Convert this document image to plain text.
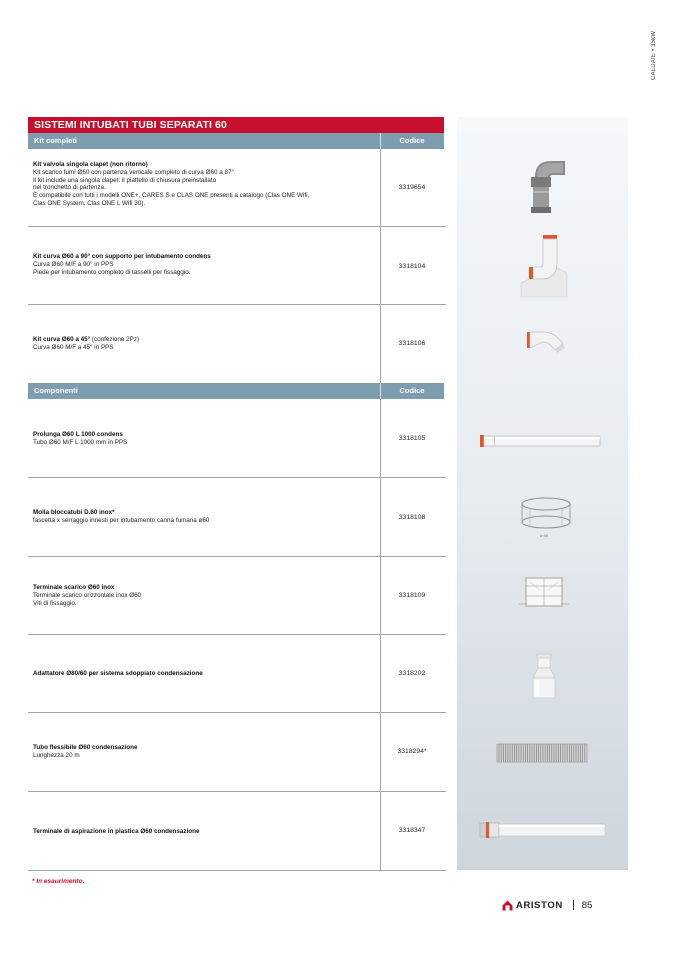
CALDAIE • 35kW
SISTEMI INTUBATI TUBI SEPARATI 60
Kit completi	Codice
Kit valvola singola clapet (non ritorno)
Kit scarico fumi Ø60 con partenza verticale completo di curva Ø60 a 87°.
Il kit include una singola clapet: il piattello di chiusura preinstallato
nel tronchetto di partenza.
È compatibile con tutti i modelli ONE+, CARES S e CLAS ONE presenti a catalogo (Clas ONE Wifi,
Clas ONE System, Clas ONE L Wifi 30).
3319654
Kit curva Ø60 a 90° con supporto per intubamento condens
Curva Ø60 M/F a 90° in PPS
Piede per intubamento completo di tasselli per fissaggio.
3318104
Kit curva Ø60 a 45° (confezione 2Pz)
Curva Ø60 M/F a 45° in PPS
3318106
Componenti	Codice
Prolunga Ø60 L 1000 condens
Tubo Ø60 M/F L 1000 mm in PPS
3318105
Molla bloccatubi D.60 inox*
fascetta x serraggio innesti per intubamento canna fumaria ø60	3318108
Terminale scarico Ø60 inox
Terminale scarico orizzontale inox Ø60
Viti di fissaggio.
3318109
Adattatore Ø80/60 per sistema sdoppiato condensazione	3318202
Tubo flessibile Ø60 condensazione
Lunghezza 20 m
3318294*
Terminale di aspirazione in plastica Ø60 condensazione	3318347
⌀ 60
* In esaurimento.
ARISTON 85
